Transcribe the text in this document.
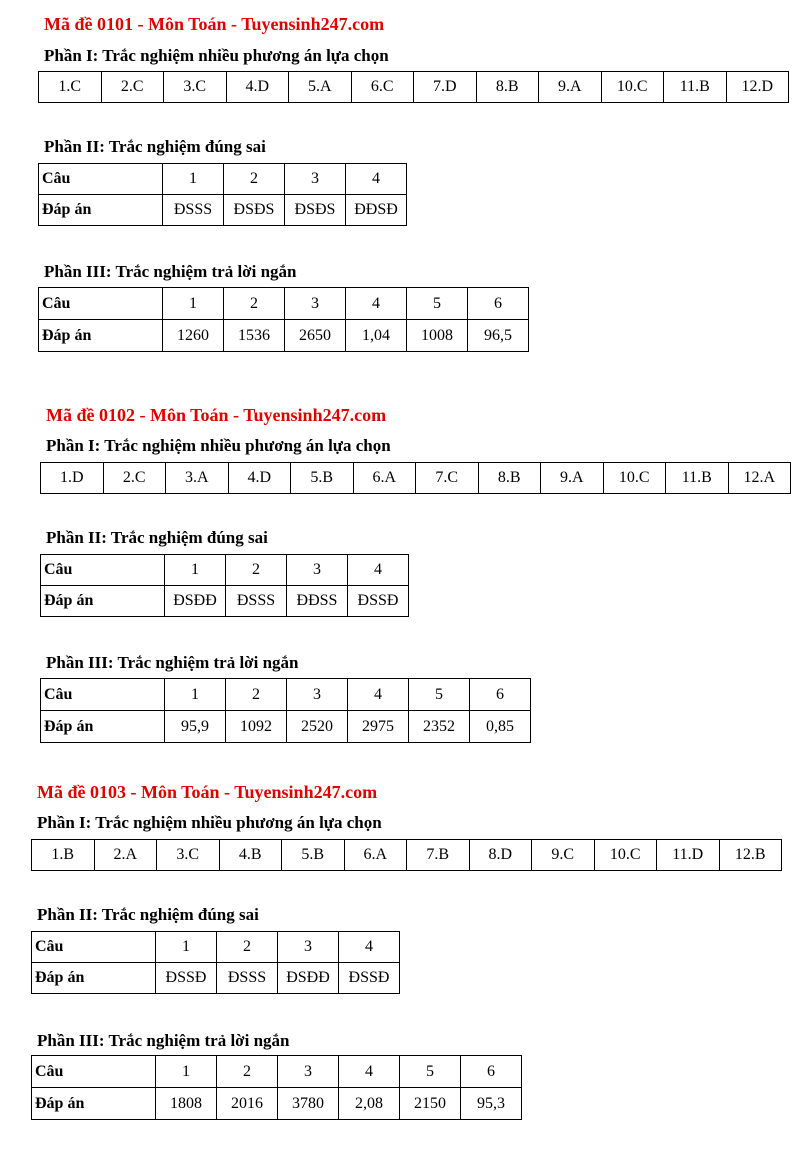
Mã đề 0101 - Môn Toán - Tuyensinh247.com
Phần I: Trắc nghiệm nhiều phương án lựa chọn
1.C	2.C	3.C	4.D	5.A	6.C	7.D	8.B	9.A	10.C	11.B	12.D
Phần II: Trắc nghiệm đúng sai
Câu	1	2	3	4
Đáp án	ĐSSS	ĐSĐS	ĐSĐS	ĐĐSĐ
Phần III: Trắc nghiệm trả lời ngắn
Câu	1	2	3	4	5	6
Đáp án	1260	1536	2650	1,04	1008	96,5
Mã đề 0102 - Môn Toán - Tuyensinh247.com
Phần I: Trắc nghiệm nhiều phương án lựa chọn
1.D	2.C	3.A	4.D	5.B	6.A	7.C	8.B	9.A	10.C	11.B	12.A
Phần II: Trắc nghiệm đúng sai
Câu	1	2	3	4
Đáp án	ĐSĐĐ	ĐSSS	ĐĐSS	ĐSSĐ
Phần III: Trắc nghiệm trả lời ngắn
Câu	1	2	3	4	5	6
Đáp án	95,9	1092	2520	2975	2352	0,85
Mã đề 0103 - Môn Toán - Tuyensinh247.com
Phần I: Trắc nghiệm nhiều phương án lựa chọn
1.B	2.A	3.C	4.B	5.B	6.A	7.B	8.D	9.C	10.C	11.D	12.B
Phần II: Trắc nghiệm đúng sai
Câu	1	2	3	4
Đáp án	ĐSSĐ	ĐSSS	ĐSĐĐ	ĐSSĐ
Phần III: Trắc nghiệm trả lời ngắn
Câu	1	2	3	4	5	6
Đáp án	1808	2016	3780	2,08	2150	95,3
